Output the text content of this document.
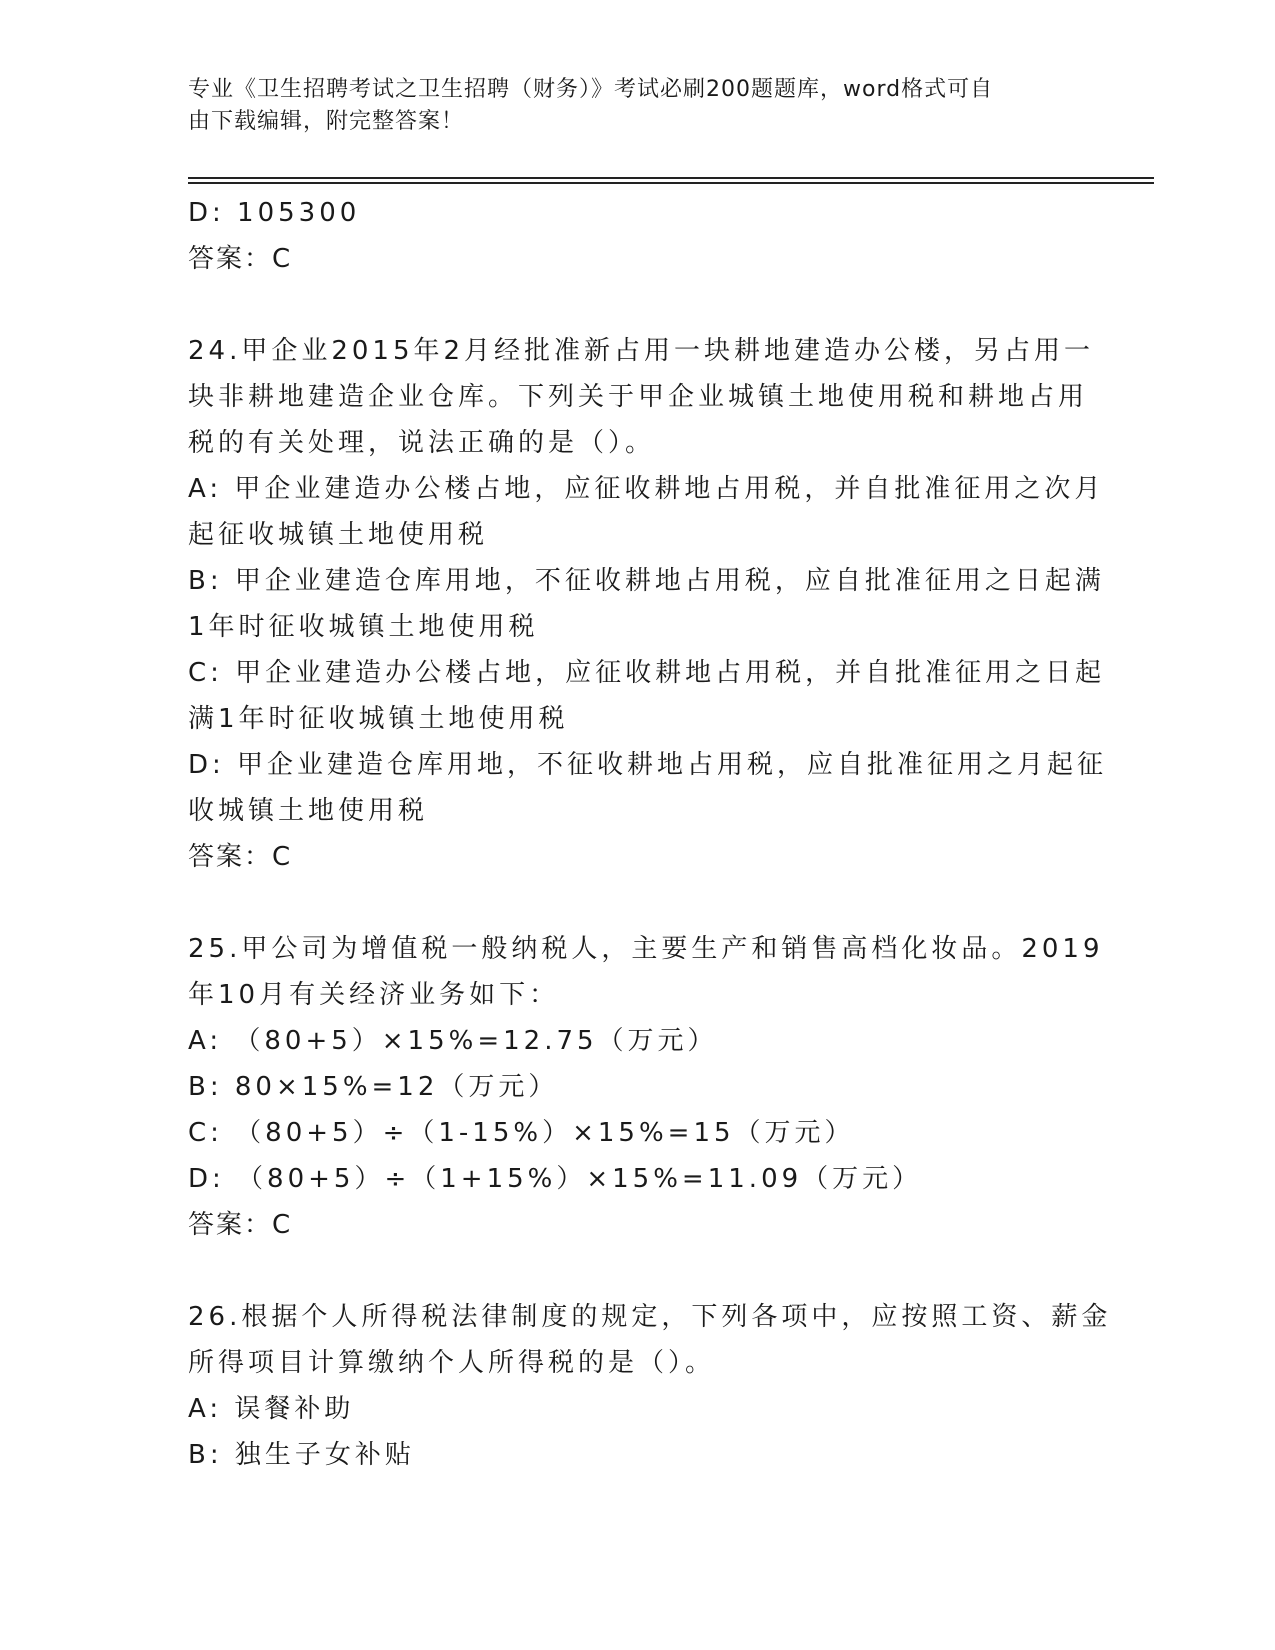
专业《卫生招聘考试之卫生招聘（财务）》考试必刷200题题库，word格式可自
由下载编辑，附完整答案！
D: 105300
答案：C
24.甲企业2015年2月经批准新占用一块耕地建造办公楼，另占用一
块非耕地建造企业仓库。下列关于甲企业城镇土地使用税和耕地占用
税的有关处理，说法正确的是（）。
A: 甲企业建造办公楼占地，应征收耕地占用税，并自批准征用之次月
起征收城镇土地使用税
B: 甲企业建造仓库用地，不征收耕地占用税，应自批准征用之日起满
1年时征收城镇土地使用税
C: 甲企业建造办公楼占地，应征收耕地占用税，并自批准征用之日起
满1年时征收城镇土地使用税
D: 甲企业建造仓库用地，不征收耕地占用税，应自批准征用之月起征
收城镇土地使用税
答案：C
25.甲公司为增值税一般纳税人，主要生产和销售高档化妆品。2019
年10月有关经济业务如下：
A: （80+5）×15%=12.75（万元）
B: 80×15%=12（万元）
C: （80+5）÷（1-15%）×15%=15（万元）
D: （80+5）÷（1+15%）×15%=11.09（万元）
答案：C
26.根据个人所得税法律制度的规定，下列各项中，应按照工资、薪金
所得项目计算缴纳个人所得税的是（）。
A: 误餐补助
B: 独生子女补贴
